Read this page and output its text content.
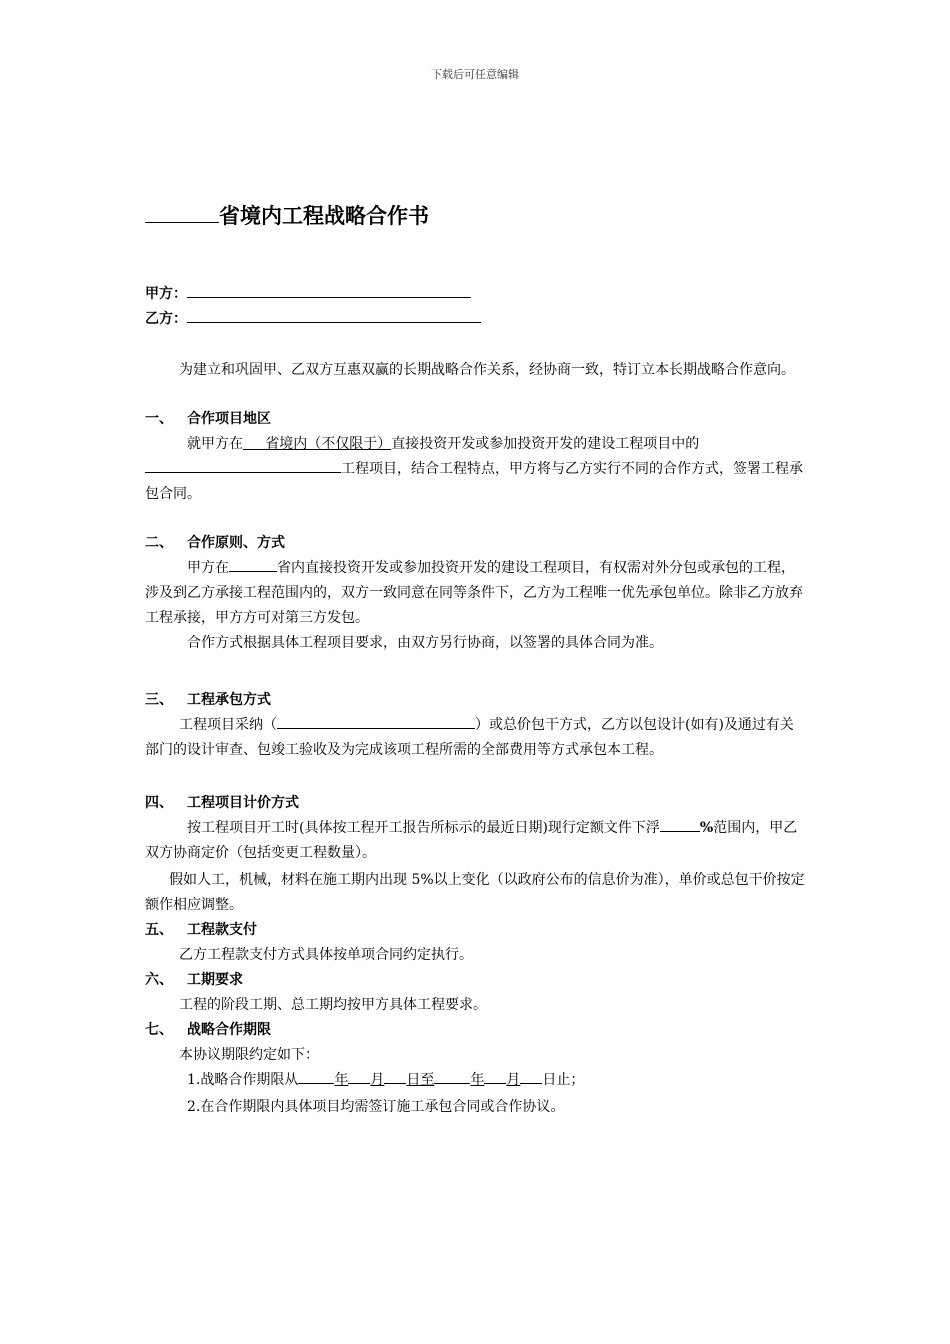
下载后可任意编辑
省境内工程战略合作书
甲方：
乙方：
为建立和巩固甲、乙双方互惠双赢的长期战略合作关系，经协商一致，特订立本长期战略合作意向。
一、 合作项目地区
就甲方在 省境内（不仅限于）直接投资开发或参加投资开发的建设工程项目中的工程项目，结合工程特点，甲方将与乙方实行不同的合作方式，签署工程承包合同。
二、 合作原则、方式
甲方在	省内直接投资开发或参加投资开发的建设工程项目，有权需对外分包或承包的工程，涉及到乙方承接工程范围内的，双方一致同意在同等条件下，乙方为工程唯一优先承包单位。除非乙方放弃工程承接，甲方方可对第三方发包。
合作方式根据具体工程项目要求，由双方另行协商，以签署的具体合同为准。
三、 工程承包方式
工程项目采纳（	）或总价包干方式，乙方以包设计(如有)及通过有关部门的设计审查、包竣工验收及为完成该项工程所需的全部费用等方式承包本工程。
四、 工程项目计价方式
按工程项目开工时(具体按工程开工报告所标示的最近日期)现行定额文件下浮	%范围内，甲乙双方协商定价（包括变更工程数量）。
假如人工，机械，材料在施工期内出现 5%以上变化（以政府公布的信息价为准），单价或总包干价按定额作相应调整。
五、 工程款支付
乙方工程款支付方式具体按单项合同约定执行。
六、 工期要求
工程的阶段工期、总工期均按甲方具体工程要求。
七、 战略合作期限
本协议期限约定如下：
1.战略合作期限从	年 月 日至	年 月 日止；
2.在合作期限内具体项目均需签订施工承包合同或合作协议。
